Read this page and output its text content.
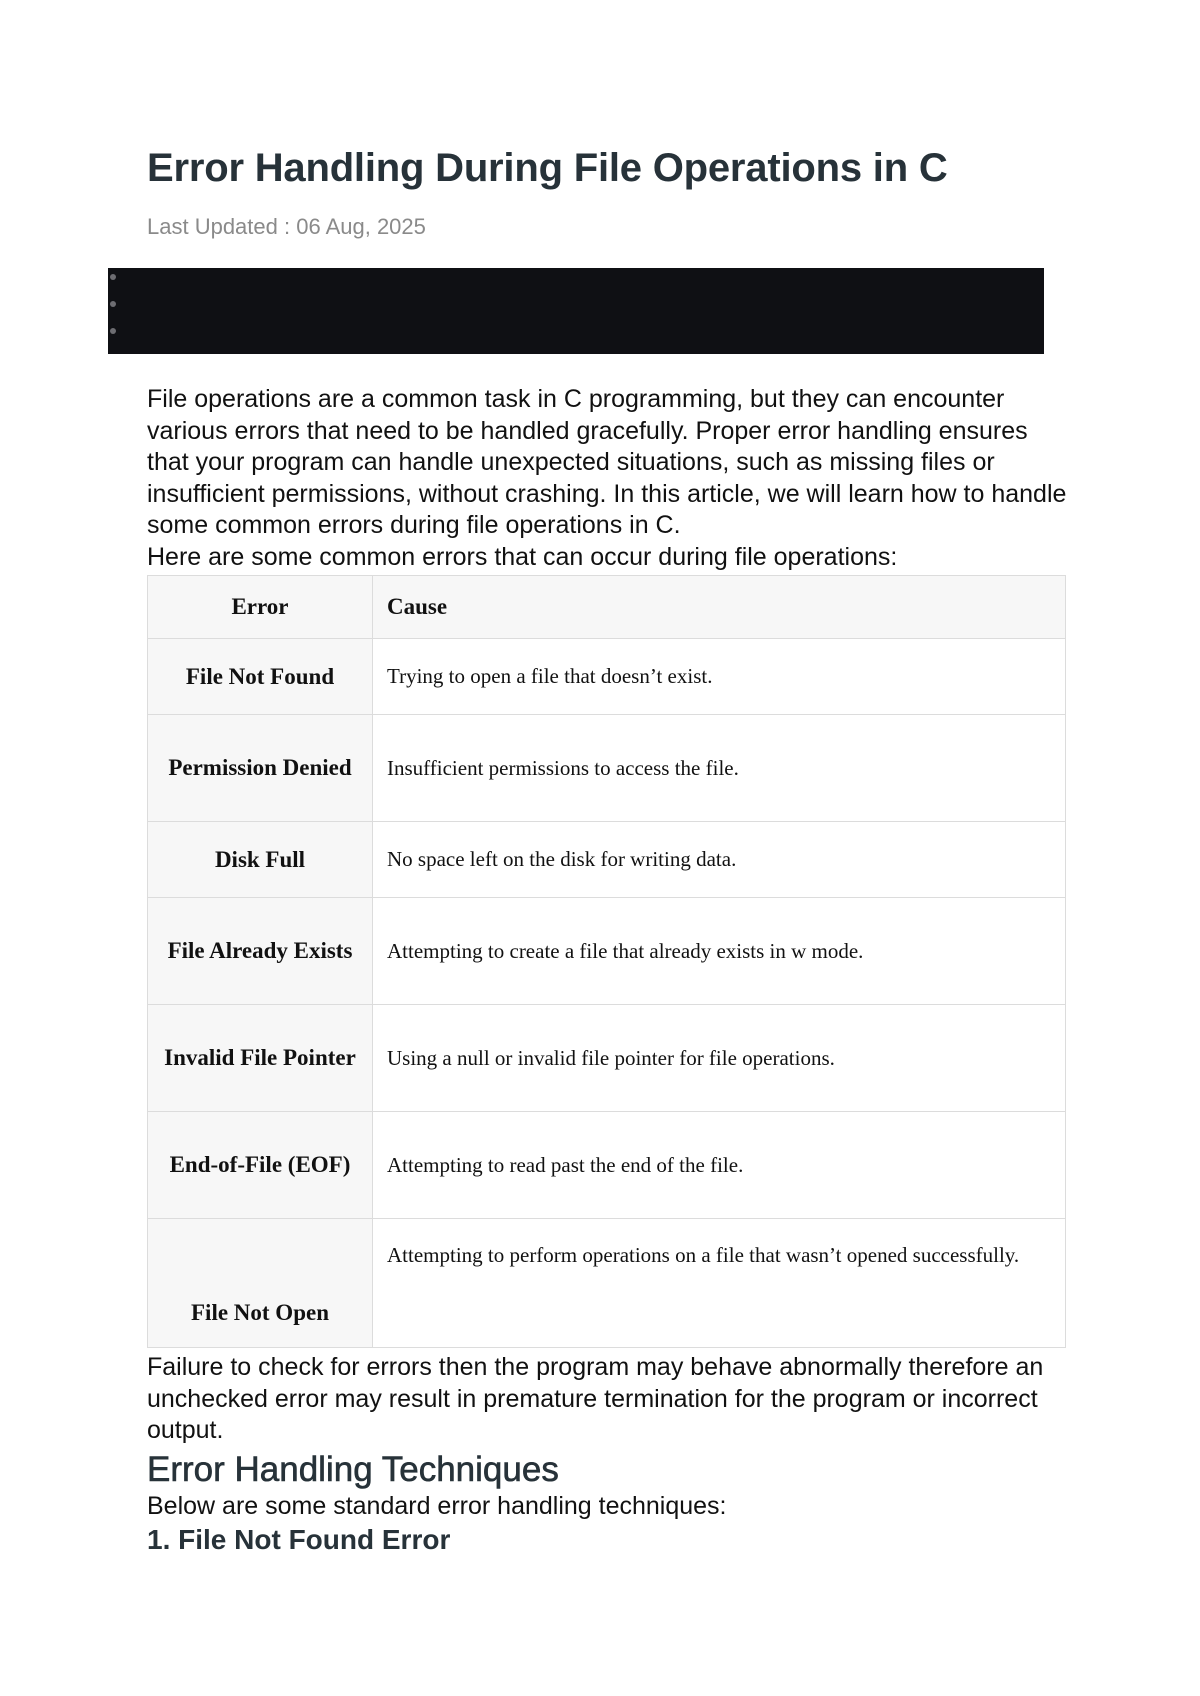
Error Handling During File Operations in C
Last Updated : 06 Aug, 2025

File operations are a common task in C programming, but they can encounter various errors that need to be handled gracefully. Proper error handling ensures that your program can handle unexpected situations, such as missing files or insufficient permissions, without crashing. In this article, we will learn how to handle some common errors during file operations in C.

Here are some common errors that can occur during file operations:

Error	Cause
File Not Found	Trying to open a file that doesn’t exist.
Permission Denied	Insufficient permissions to access the file.
Disk Full	No space left on the disk for writing data.
File Already Exists	Attempting to create a file that already exists in w mode.
Invalid File Pointer	Using a null or invalid file pointer for file operations.
End-of-File (EOF)	Attempting to read past the end of the file.
File Not Open	Attempting to perform operations on a file that wasn’t opened successfully.

Failure to check for errors then the program may behave abnormally therefore an unchecked error may result in premature termination for the program or incorrect output.

Error Handling Techniques

Below are some standard error handling techniques:

1. File Not Found Error
